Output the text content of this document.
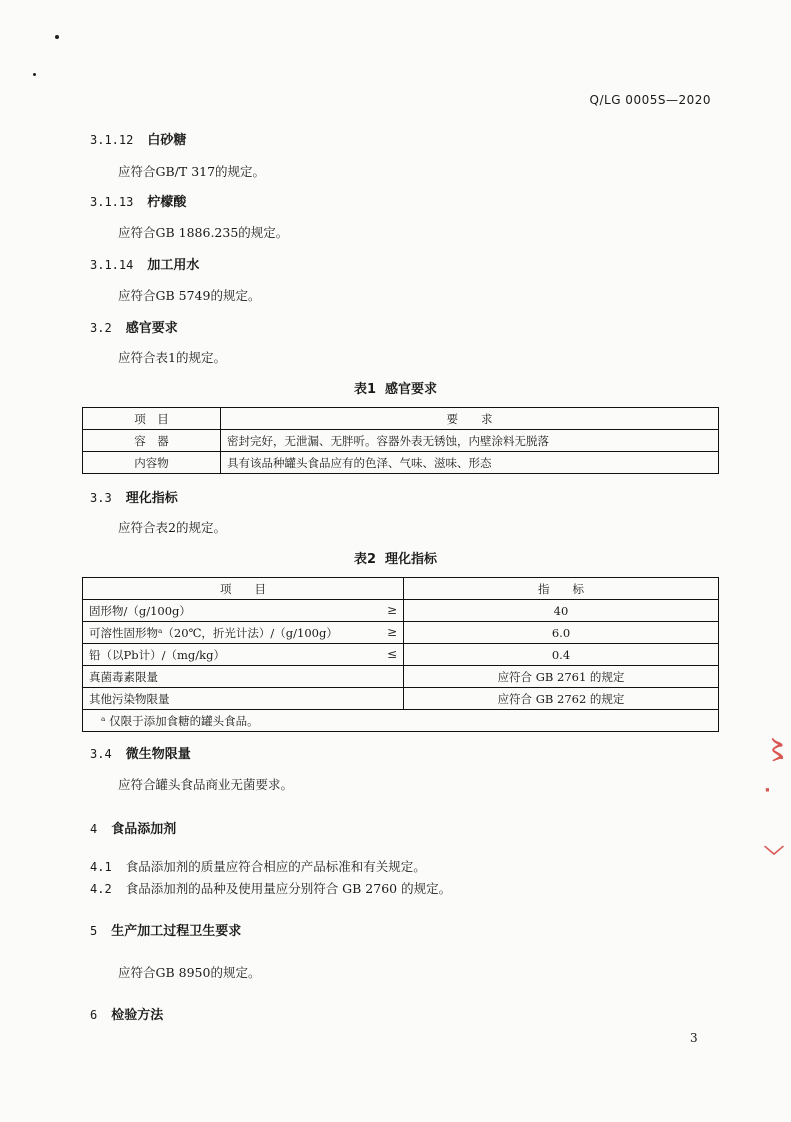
Q/LG 0005S—2020
3.1.12 白砂糖
应符合GB/T 317的规定。
3.1.13 柠檬酸
应符合GB 1886.235的规定。
3.1.14 加工用水
应符合GB 5749的规定。
3.2 感官要求
应符合表1的规定。
表1  感官要求
项　目	要　　求
容　器	密封完好，无泄漏、无胖听。容器外表无锈蚀，内壁涂料无脱落
内容物	具有该品种罐头食品应有的色泽、气味、滋味、形态
3.3 理化指标
应符合表2的规定。
表2  理化指标
项　　目	指　　标
固形物/（g/100g） ≥	40
可溶性固形物ᵃ（20℃，折光计法）/（g/100g） ≥	6.0
铅（以Pb计）/（mg/kg） ≤	0.4
真菌毒素限量	应符合 GB 2761 的规定
其他污染物限量	应符合 GB 2762 的规定
ᵃ 仅限于添加食糖的罐头食品。	
3.4 微生物限量
应符合罐头食品商业无菌要求。
4 食品添加剂
4.1 食品添加剂的质量应符合相应的产品标准和有关规定。
4.2 食品添加剂的品种及使用量应分别符合 GB 2760 的规定。
5 生产加工过程卫生要求
应符合GB 8950的规定。
6 检验方法
〻
·
﹀
3
